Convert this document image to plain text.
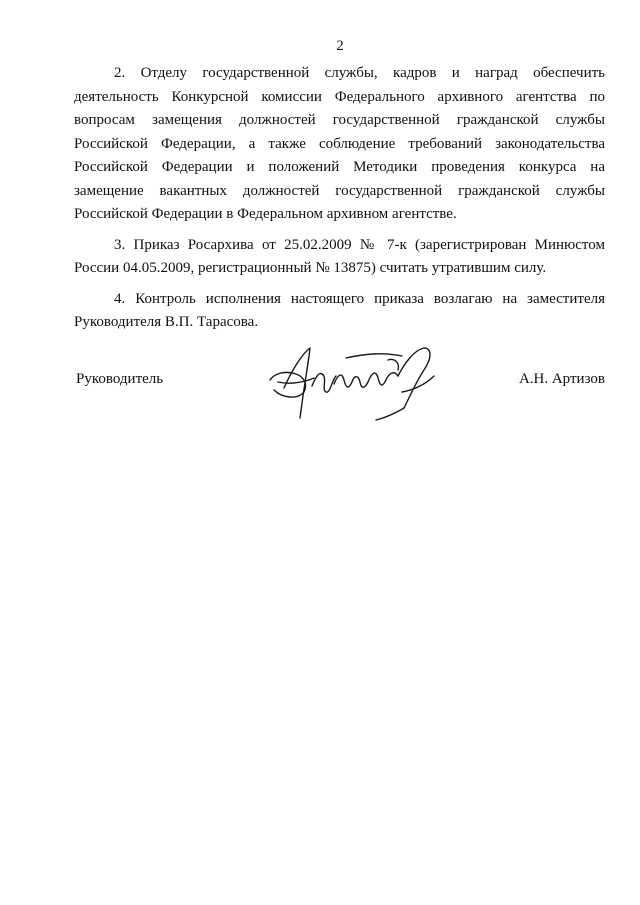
2

2. Отделу государственной службы, кадров и наград обеспечить деятельность Конкурсной комиссии Федерального архивного агентства по вопросам замещения должностей государственной гражданской службы Российской Федерации, а также соблюдение требований законодательства Российской Федерации и положений Методики проведения конкурса на замещение вакантных должностей государственной гражданской службы Российской Федерации в Федеральном архивном агентстве.

3. Приказ Росархива от 25.02.2009 № 7-к (зарегистрирован Минюстом России 04.05.2009, регистрационный № 13875) считать утратившим силу.

4. Контроль исполнения настоящего приказа возлагаю на заместителя Руководителя В.П. Тарасова.

Руководитель	А.Н. Артизов
